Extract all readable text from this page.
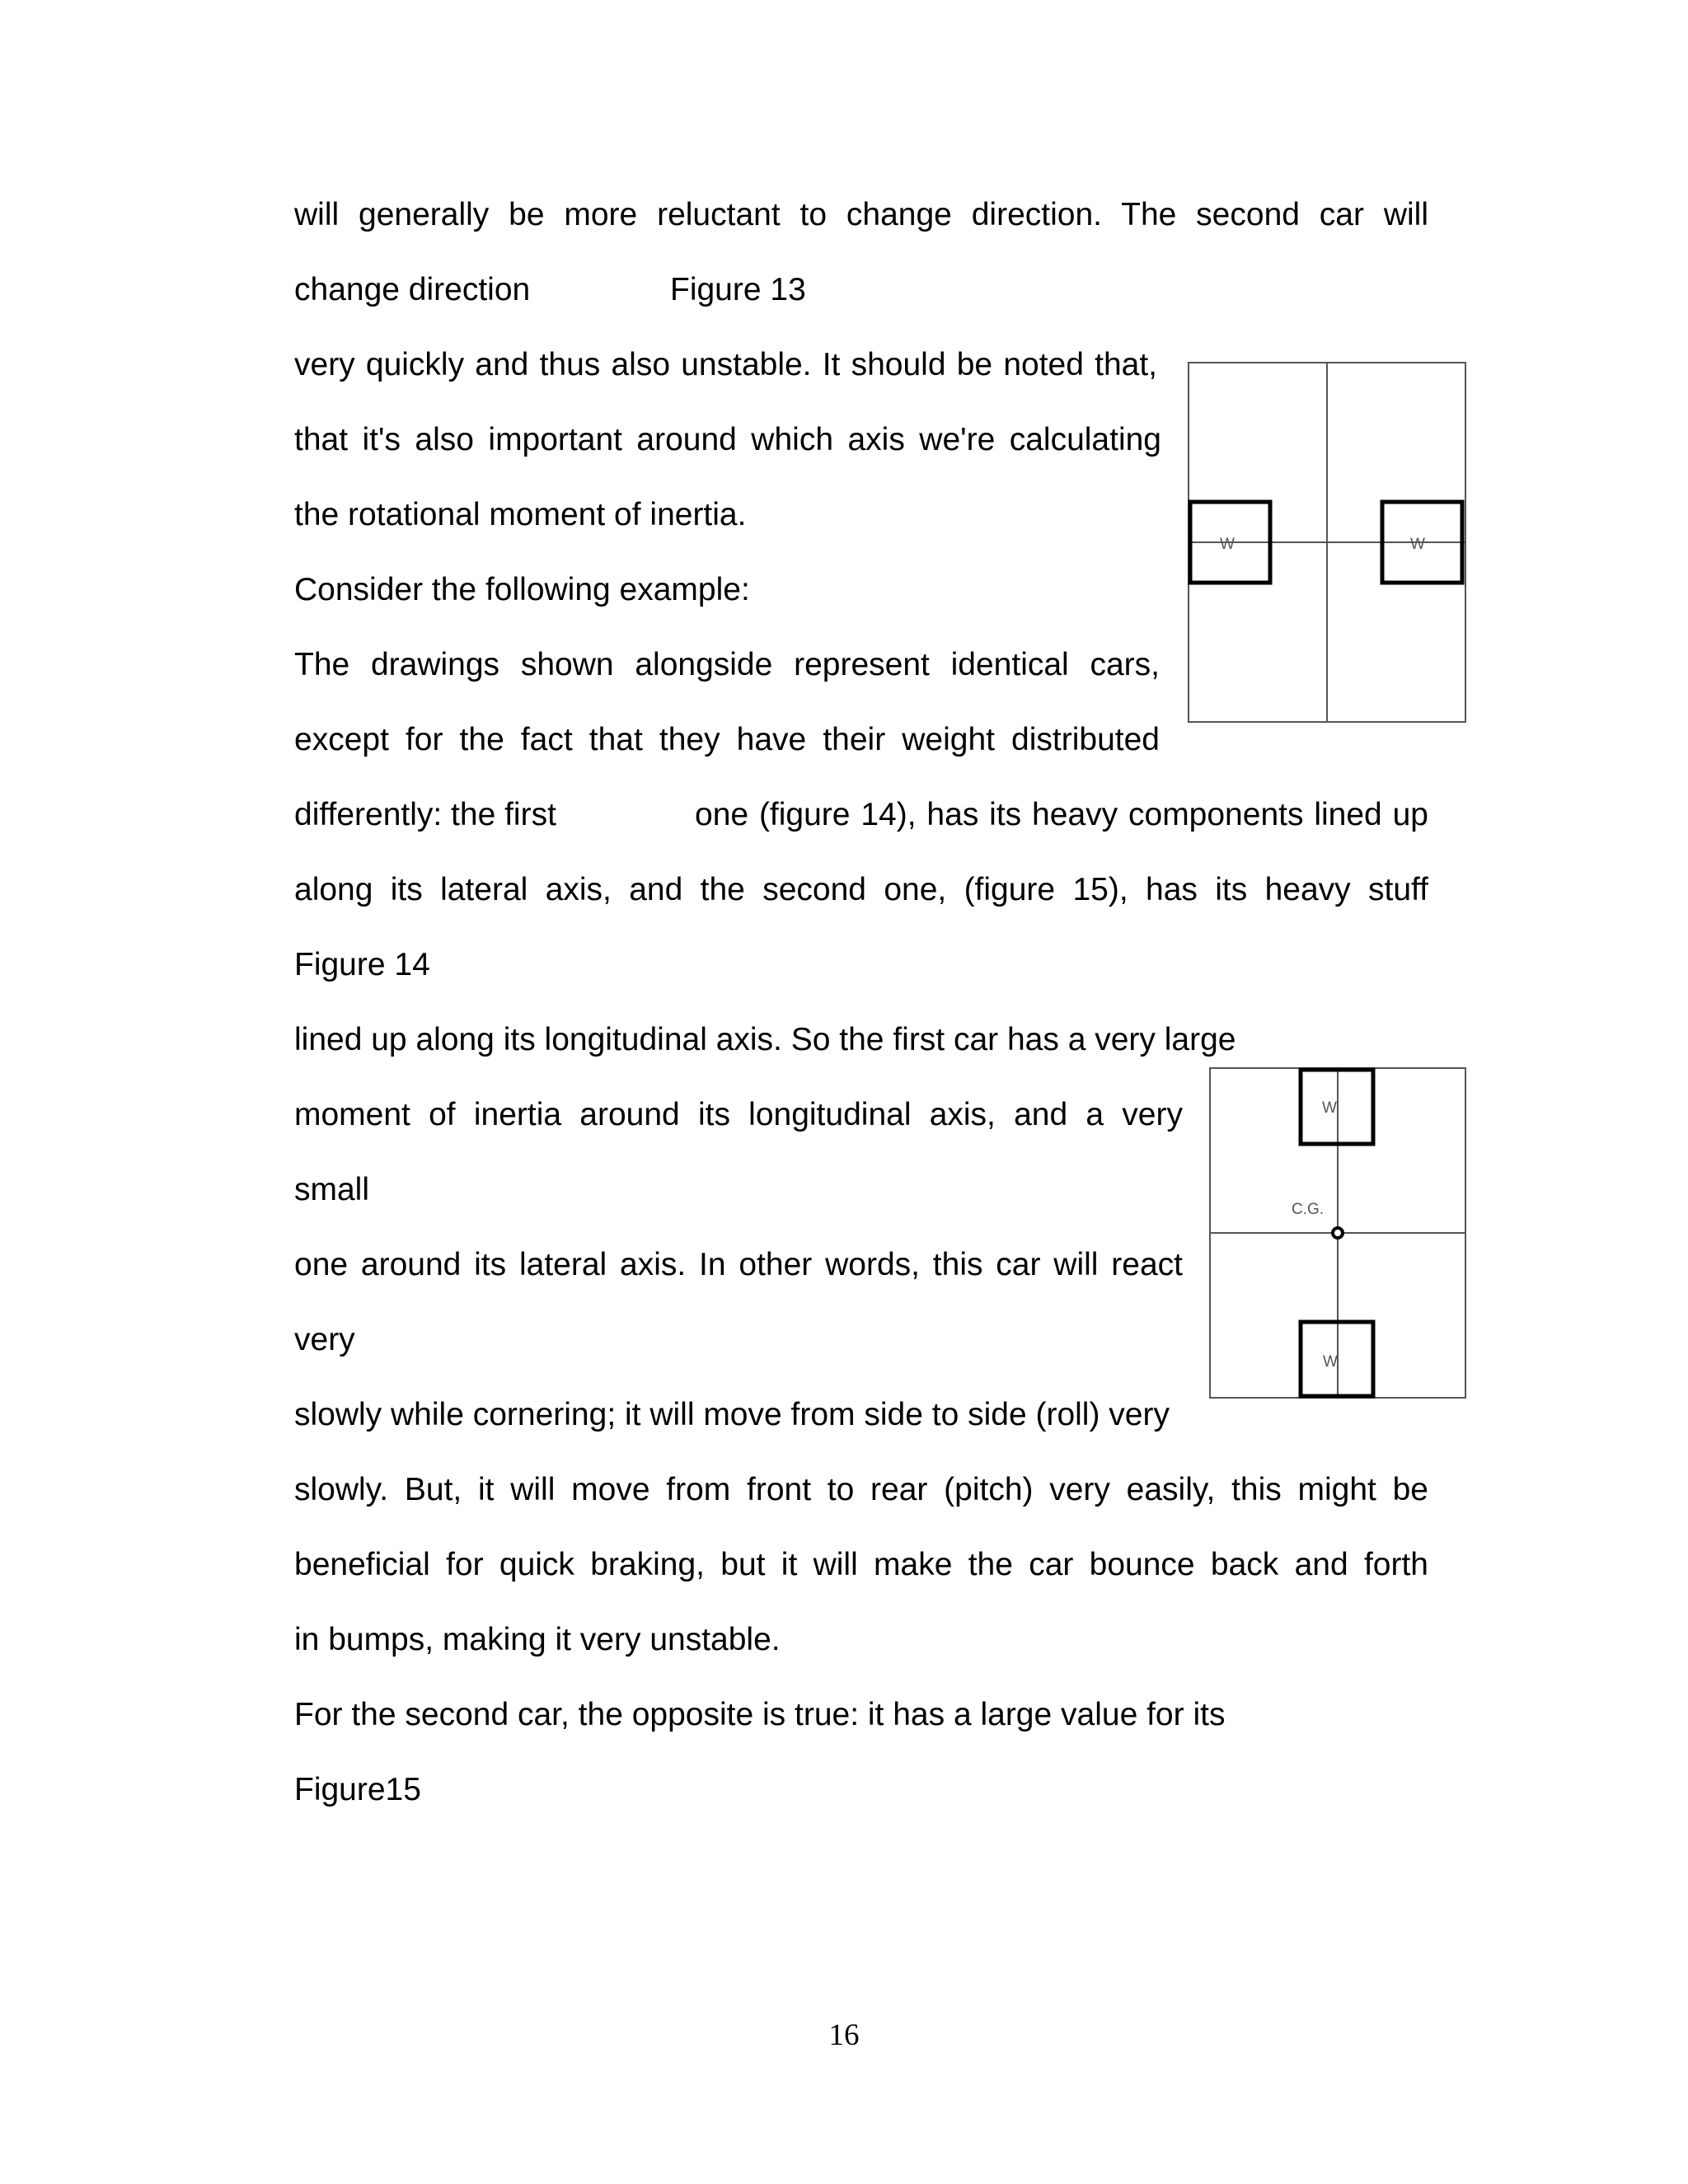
will generally be more reluctant to change direction. The second car will
change direction	Figure 13
very quickly and thus also unstable. It should be noted that,
that it's also important around which axis we're calculating
the rotational moment of inertia.
Consider the following example:
The drawings shown alongside represent identical cars,
except for the fact that they have their weight distributed
differently: the first	one (figure 14), has its heavy components lined up
along its lateral axis, and the second one, (figure 15), has its heavy stuff
Figure 14
lined up along its longitudinal axis. So the first car has a very large
moment of inertia around its longitudinal axis, and a very
small
one around its lateral axis. In other words, this car will react
very
slowly while cornering; it will move from side to side (roll) very
slowly. But, it will move from front to rear (pitch) very easily, this might be
beneficial for quick braking, but it will make the car bounce back and forth
in bumps, making it very unstable.
For the second car, the opposite is true: it has a large value for its
Figure15
W	W
W
W
C.G.
16
